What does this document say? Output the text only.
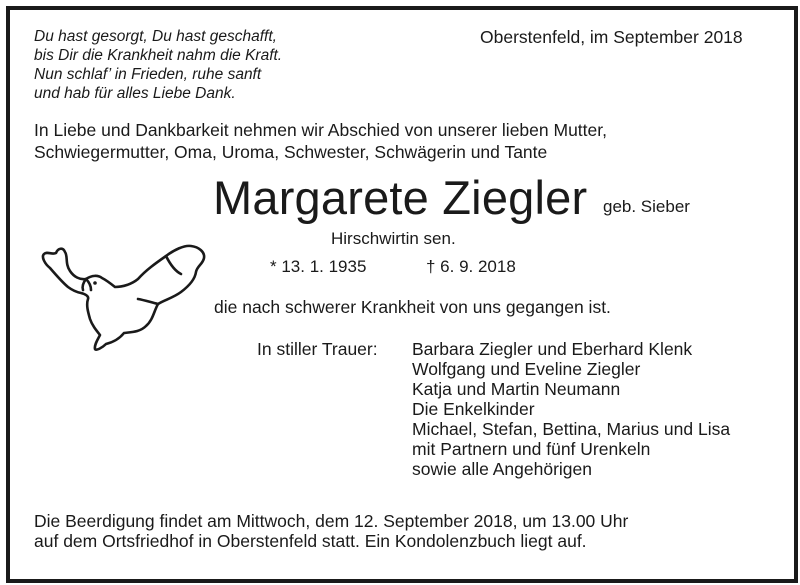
Du hast gesorgt, Du hast geschafft,
bis Dir die Krankheit nahm die Kraft.
Nun schlaf’ in Frieden, ruhe sanft
und hab für alles Liebe Dank.
Oberstenfeld, im September 2018
In Liebe und Dankbarkeit nehmen wir Abschied von unserer lieben Mutter,
Schwiegermutter, Oma, Uroma, Schwester, Schwägerin und Tante
Margarete Ziegler geb. Sieber
Hirschwirtin sen.
* 13. 1. 1935	† 6. 9. 2018
die nach schwerer Krankheit von uns gegangen ist.
In stiller Trauer: Barbara Ziegler und Eberhard Klenk
Wolfgang und Eveline Ziegler
Katja und Martin Neumann
Die Enkelkinder
Michael, Stefan, Bettina, Marius und Lisa
mit Partnern und fünf Urenkeln
sowie alle Angehörigen
Die Beerdigung findet am Mittwoch, dem 12. September 2018, um 13.00 Uhr
auf dem Ortsfriedhof in Oberstenfeld statt. Ein Kondolenzbuch liegt auf.
